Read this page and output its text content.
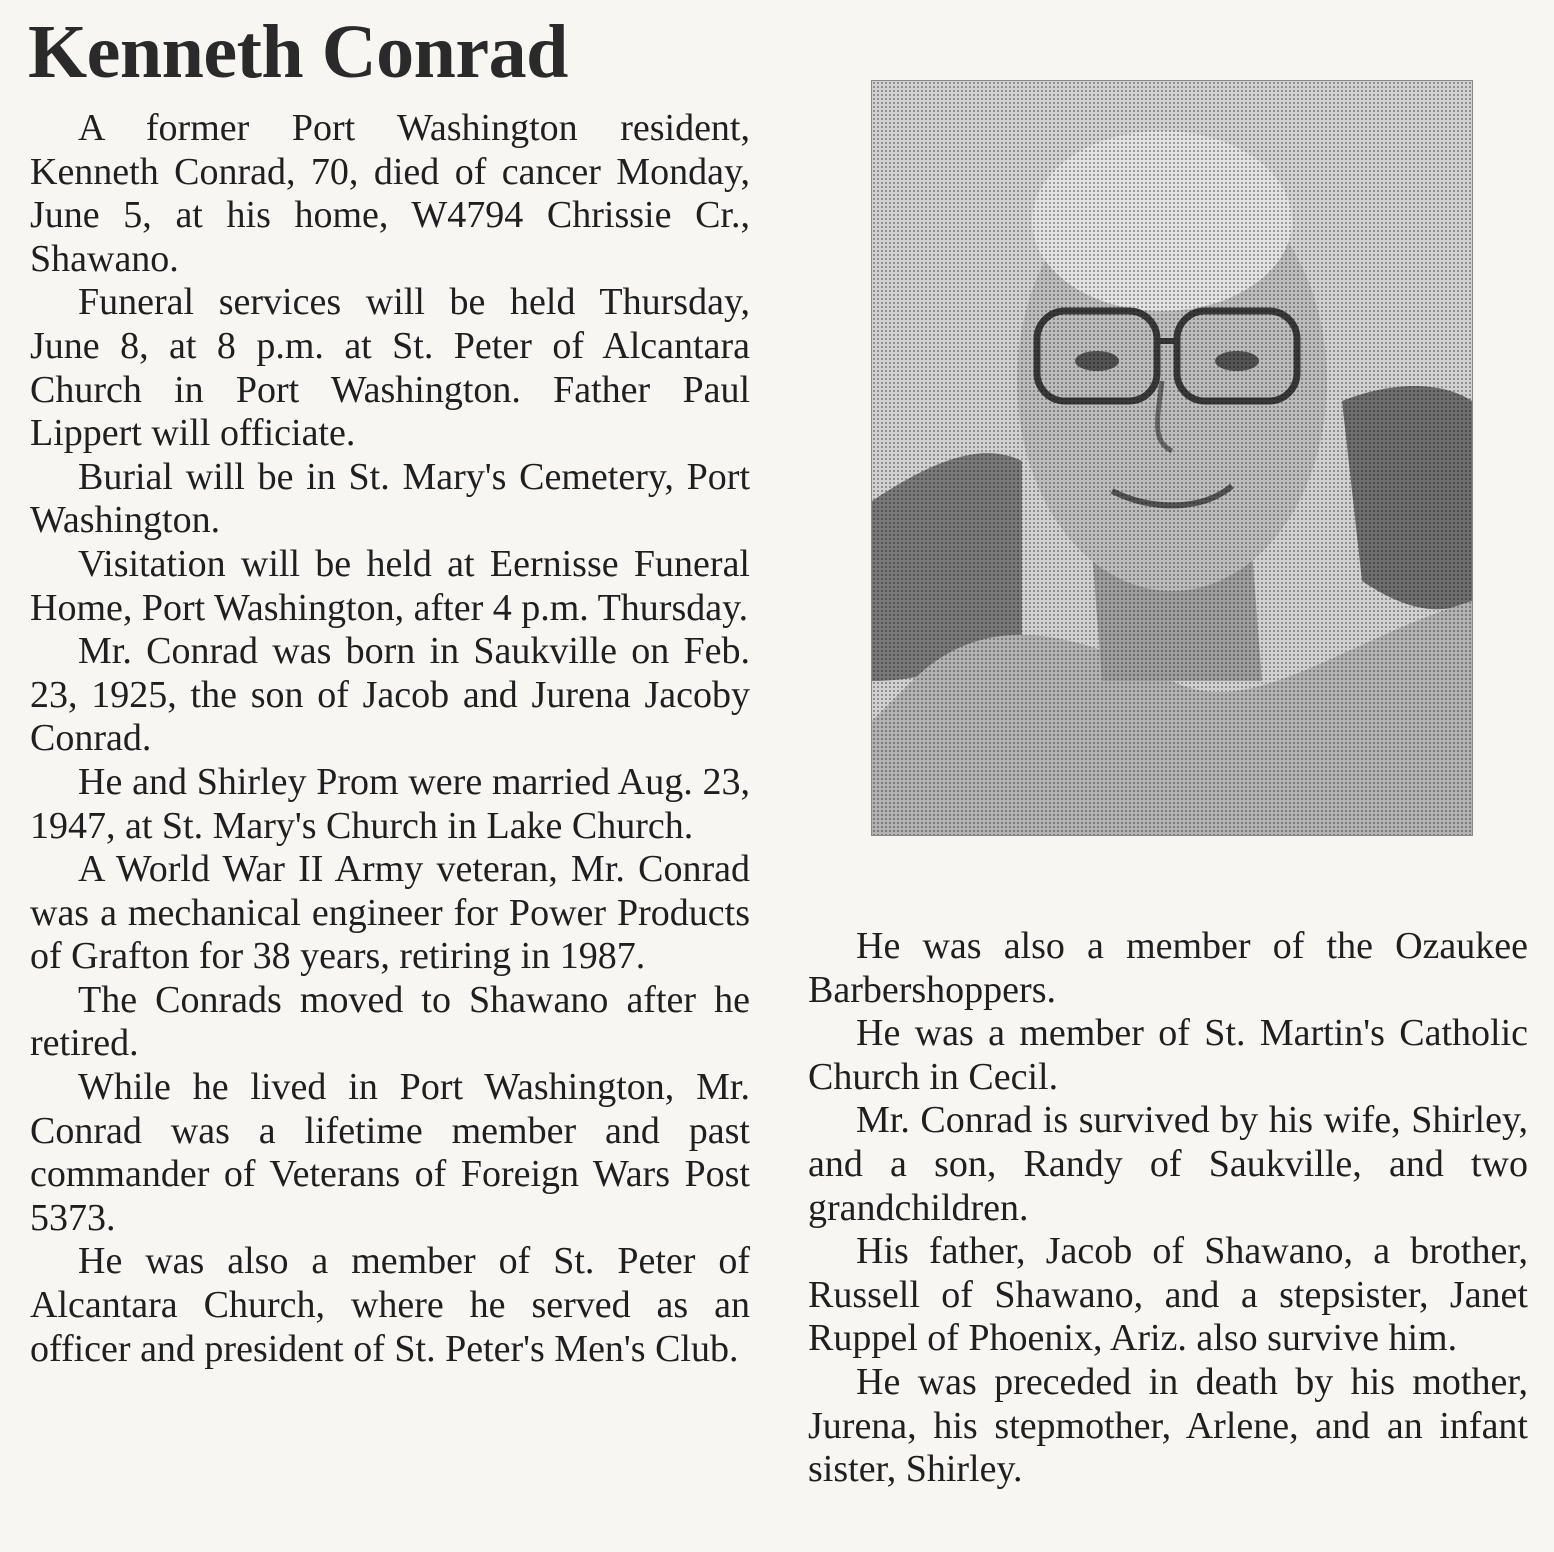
Kenneth Conrad

A former Port Washington resident, Kenneth Conrad, 70, died of cancer Monday, June 5, at his home, W4794 Chrissie Cr., Shawano.

Funeral services will be held Thursday, June 8, at 8 p.m. at St. Peter of Alcantara Church in Port Washington. Father Paul Lippert will officiate.

Burial will be in St. Mary's Cemetery, Port Washington.

Visitation will be held at Eernisse Funeral Home, Port Washington, after 4 p.m. Thursday.

Mr. Conrad was born in Saukville on Feb. 23, 1925, the son of Jacob and Jurena Jacoby Conrad.

He and Shirley Prom were married Aug. 23, 1947, at St. Mary's Church in Lake Church.

A World War II Army veteran, Mr. Conrad was a mechanical engineer for Power Products of Grafton for 38 years, retiring in 1987.

The Conrads moved to Shawano after he retired.

While he lived in Port Washington, Mr. Conrad was a lifetime member and past commander of Veterans of Foreign Wars Post 5373.

He was also a member of St. Peter of Alcantara Church, where he served as an officer and president of St. Peter's Men's Club.

He was also a member of the Ozaukee Barbershoppers.

He was a member of St. Martin's Catholic Church in Cecil.

Mr. Conrad is survived by his wife, Shirley, and a son, Randy of Saukville, and two grandchildren.

His father, Jacob of Shawano, a brother, Russell of Shawano, and a stepsister, Janet Ruppel of Phoenix, Ariz. also survive him.

He was preceded in death by his mother, Jurena, his stepmother, Arlene, and an infant sister, Shirley.
